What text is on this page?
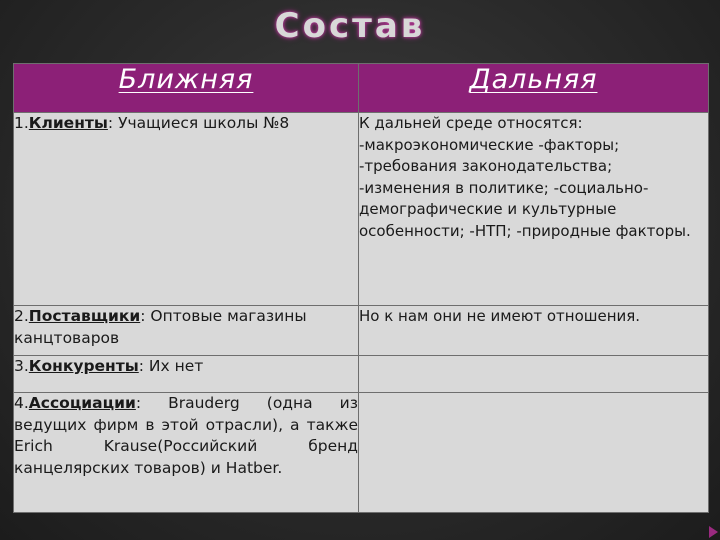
Состав
Ближняя	Дальняя
1.Клиенты: Учащиеся школы №8	К дальней среде относятся: -макроэкономические -факторы; -требования законодательства; -изменения в политике; -социально-демографические и культурные особенности; -НТП; -природные факторы.
2.Поставщики: Оптовые магазины канцтоваров	Но к нам они не имеют отношения.
3.Конкуренты: Их нет	
4.Ассоциации: Brauderg (одна из ведущих фирм в этой отрасли), а также Erich Krause(Российский бренд канцелярских товаров) и Hatber.	
